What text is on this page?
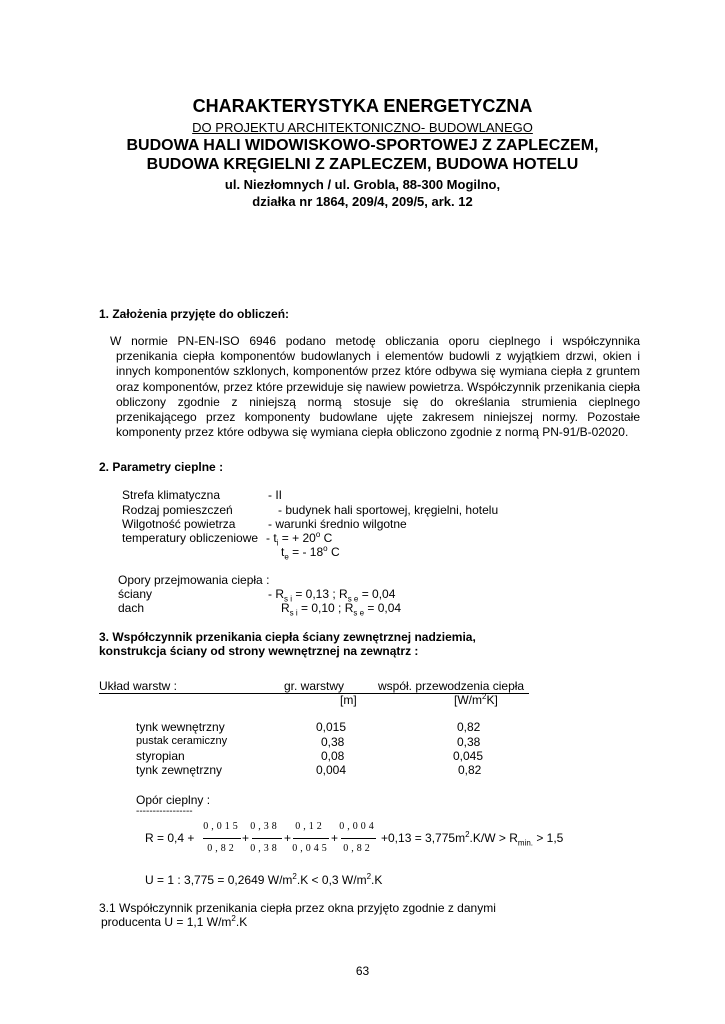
CHARAKTERYSTYKA ENERGETYCZNA
DO PROJEKTU ARCHITEKTONICZNO- BUDOWLANEGO
BUDOWA HALI WIDOWISKOWO-SPORTOWEJ Z ZAPLECZEM,
BUDOWA KRĘGIELNI Z ZAPLECZEM, BUDOWA HOTELU
ul. Niezłomnych / ul. Grobla, 88-300 Mogilno,
działka nr 1864, 209/4, 209/5, ark. 12
1. Założenia przyjęte do obliczeń:
W normie PN-EN-ISO 6946 podano metodę obliczania oporu cieplnego i współczynnika przenikania ciepła komponentów budowlanych i elementów budowli z wyjątkiem drzwi, okien i innych komponentów szklonych, komponentów przez które odbywa się wymiana ciepła z gruntem oraz komponentów, przez które przewiduje się nawiew powietrza. Współczynnik przenikania ciepła obliczony zgodnie z niniejszą normą stosuje się do określania strumienia cieplnego przenikającego przez komponenty budowlane ujęte zakresem niniejszej normy. Pozostałe komponenty przez które odbywa się wymiana ciepła obliczono zgodnie z normą PN-91/B-02020.
2. Parametry cieplne :
Strefa klimatyczna	- II
Rodzaj pomieszczeń	- budynek hali sportowej, kręgielni, hotelu
Wilgotność powietrza	- warunki średnio wilgotne
temperatury obliczeniowe - $t_i$ = + $20^o$ C
$t_e$ = - 18$^o$ C
Opory przejmowania ciepła :
ściany	- $R_{s i} = 0,13$ ; $R_{s e} = 0,04$
dach	$R_{s i} = 0,10$ ; $R_{s e} = 0,04$
3. Współczynnik przenikania ciepła ściany zewnętrznej nadziemia,
konstrukcja ściany od strony wewnętrznej na zewnątrz :
Układ warstw :	gr. warstwy	współ. przewodzenia ciepła
[m]	$[W/m^2K]$
tynk wewnętrzny	0,015	0,82
pustak ceramiczny	0,38	0,38
styropian	0,08	0,045
tynk zewnętrzny	0,004	0,82
Opór cieplny :
-----------------
R = 0,4 +
0,015
0,82
+
0,38
0,38
+
0,12
0,045
+
0,004
0,82
$+0,13 = 3,775m^2.K/W > R_{min.} > 1,5$
U = 1 : 3,775 = 0,2649 $W/m^2.K < 0,3$ $W/m^2.K$
3.1 Współczynnik przenikania ciepła przez okna przyjęto zgodnie z danymi
producenta U = 1,1 $W/m^2.K$
63
